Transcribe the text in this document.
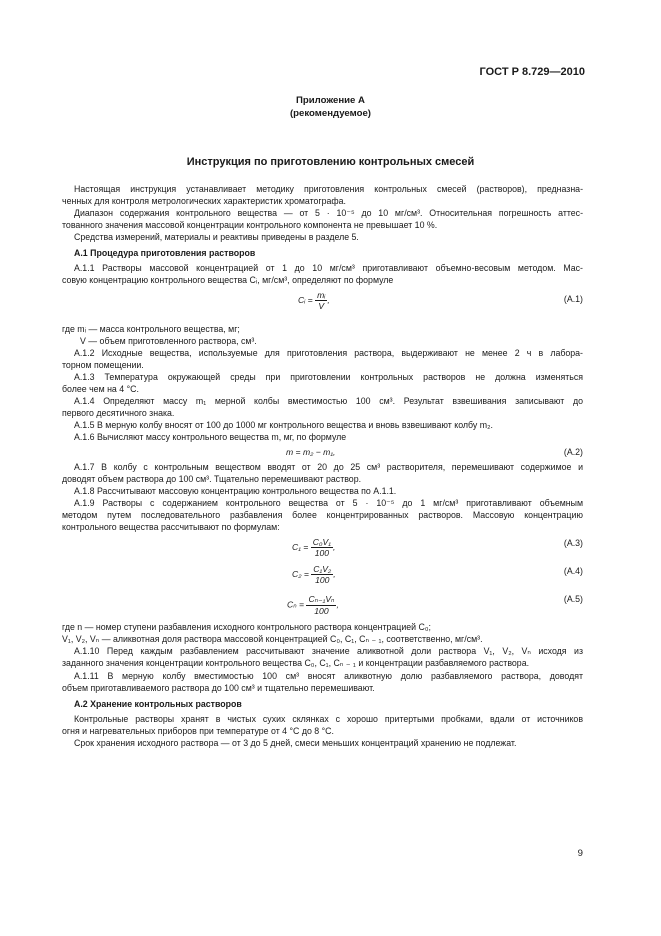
ГОСТ Р 8.729—2010
Приложение А
(рекомендуемое)
Инструкция по приготовлению контрольных смесей
Настоящая инструкция устанавливает методику приготовления контрольных смесей (растворов), предназна-
ченных для контроля метрологических характеристик хроматографа.
Диапазон содержания контрольного вещества — от 5 · 10⁻⁵ до 10 мг/см³. Относительная погрешность аттес-
тованного значения массовой концентрации контрольного компонента не превышает 10 %.
Средства измерений, материалы и реактивы приведены в разделе 5.
А.1 Процедура приготовления растворов
А.1.1 Растворы массовой концентрацией от 1 до 10 мг/см³ приготавливают объемно-весовым методом. Мас-
совую концентрацию контрольного вещества Cᵢ, мг/см³, определяют по формуле
Cᵢ = $\frac{\text{mᵢ}}{V}$ ,	(А.1)
где mᵢ — масса контрольного вещества, мг;
V — объем приготовленного раствора, см³.
А.1.2 Исходные вещества, используемые для приготовления раствора, выдерживают не менее 2 ч в лабора-
торном помещении.
А.1.3 Температура окружающей среды при приготовлении контрольных растворов не должна изменяться
более чем на 4 °С.
А.1.4 Определяют массу m₁ мерной колбы вместимостью 100 см³. Результат взвешивания записывают до
первого десятичного знака.
А.1.5 В мерную колбу вносят от 100 до 1000 мг контрольного вещества и вновь взвешивают колбу m₂.
А.1.6 Вычисляют массу контрольного вещества m, мг, по формуле
m = m₂ − m₁,	(А.2)
А.1.7 В колбу с контрольным веществом вводят от 20 до 25 см³ растворителя, перемешивают содержимое и
доводят объем раствора до 100 см³. Тщательно перемешивают раствор.
А.1.8 Рассчитывают массовую концентрацию контрольного вещества по А.1.1.
А.1.9 Растворы с содержанием контрольного вещества от 5 · 10⁻⁵ до 1 мг/см³ приготавливают объемным
методом путем последовательного разбавления более концентрированных растворов. Массовую концентрацию
контрольного вещества рассчитывают по формулам:
$C_1 = \frac{\text{C₀V₁}}{100}$ ,	(А.3)
$C_2 = \frac{\text{C₁V₂}}{100}$ ,	(А.4)
$C_n = \frac{\text{Cₙ₋₁Vₙ}}{100}$ ,
(А.5)
где n — номер ступени разбавления исходного контрольного раствора концентрацией C₀;
V₁, V₂, Vₙ — аликвотная доля раствора массовой концентрацией C₀, C₁, Cₙ ₋ ₁, соответственно, мг/см³.
А.1.10 Перед каждым разбавлением рассчитывают значение аликвотной доли раствора V₁, V₂, Vₙ исходя из
заданного значения концентрации контрольного вещества C₀, C₁, Cₙ ₋ ₁ и концентрации разбавляемого раствора.
А.1.11 В мерную колбу вместимостью 100 см³ вносят аликвотную долю разбавляемого раствора, доводят
объем приготавливаемого раствора до 100 см³ и тщательно перемешивают.
А.2 Хранение контрольных растворов
Контрольные растворы хранят в чистых сухих склянках с хорошо притертыми пробками, вдали от источников
огня и нагревательных приборов при температуре от 4 °С до 8 °С.
Срок хранения исходного раствора — от 3 до 5 дней, смеси меньших концентраций хранению не подлежат.
9
